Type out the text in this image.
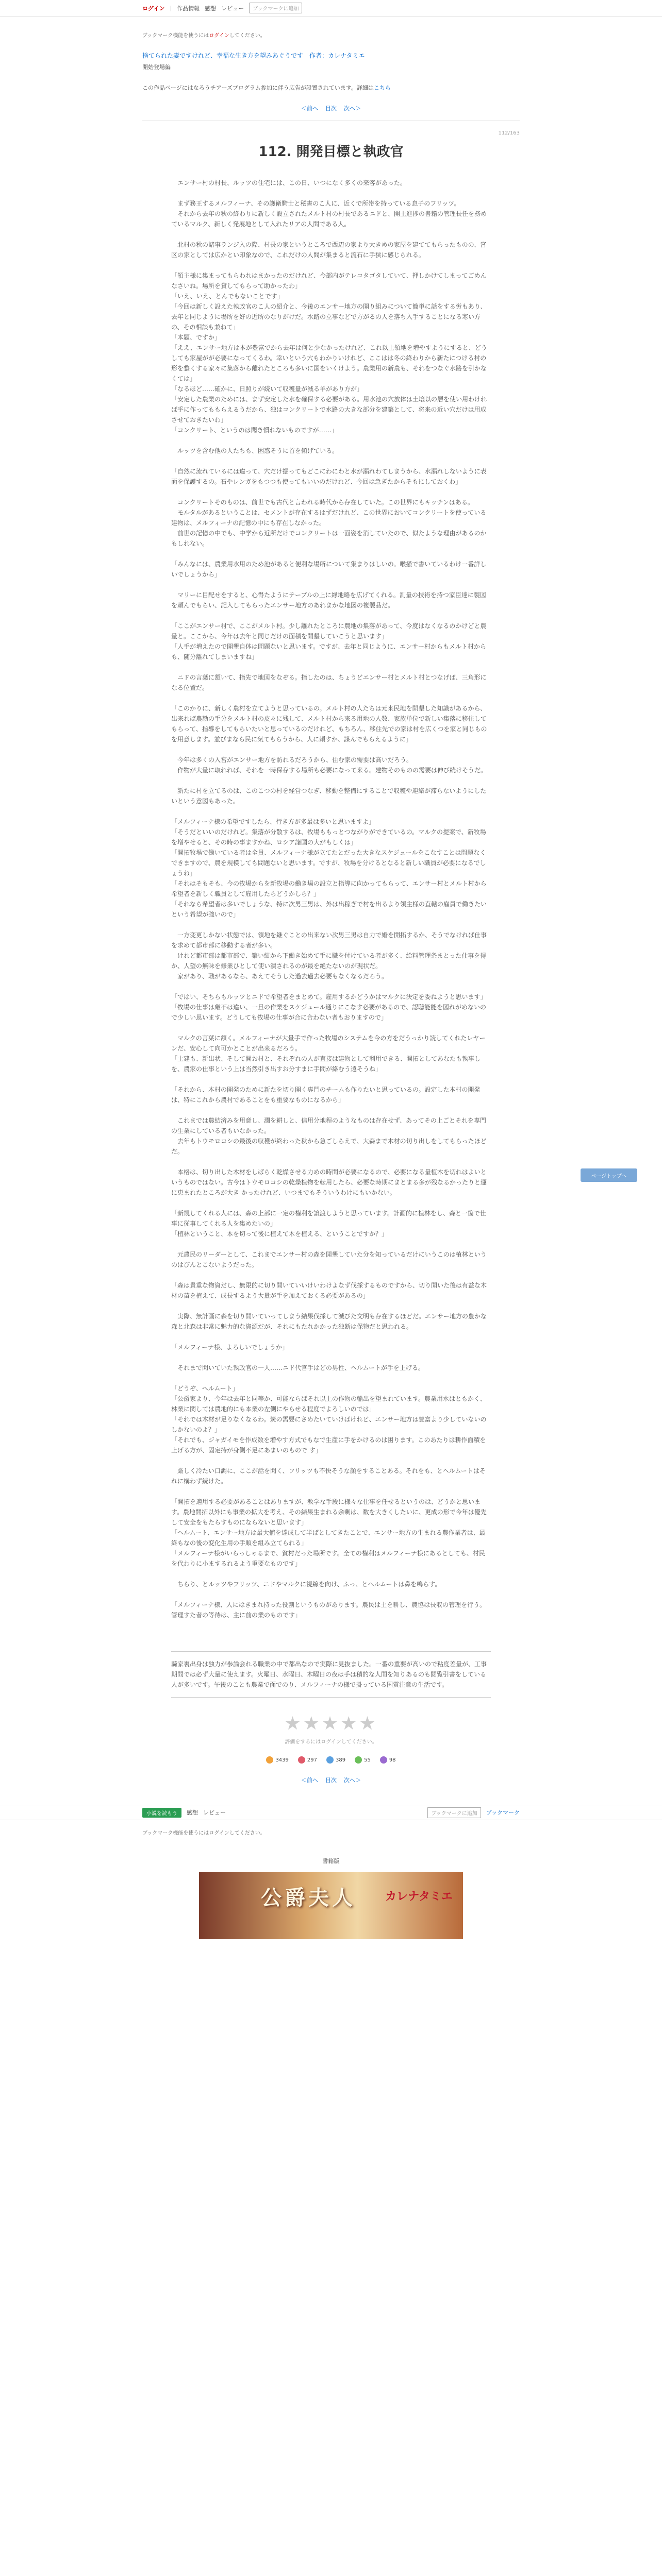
ログイン | 作品情報 感想 レビュー	ブックマークに追加
ブックマーク機能を使うにはログインしてください。
捨てられた妻ですけれど、幸福な生き方を望みあぐうです　作者：カレナタミエ
開始登場編
この作品ページにはなろうチアーズプログラム参加に伴う広告が設置されています。詳細はこちら
＜前へ 目次 次へ＞
112/163
112. 開発目標と執政官

　エンサー村の村長、ルッツの住宅には、この日、いつになく多くの来客があった。

　まず務王するメルフィーナ、その護衛騎士と秘書のこ人に、近くで所帯を持っている息子のフリッツ。

　それから去年の秋の終わりに新しく設立されたメルト村の村長であるニドと、開土進捗の書籍の管理長任を務めているマルク、新しく発展地として入れたリアの人間である人。

　北村の秋の諸事ランジ入の際、村長の家というところで西辺の家より大きめの家屋を建ててもらったものの、宮区の家としては広かとい印象なので、これだけの人間が集まると流石に手狭に感じられる。

「領主様に集まってもらわれはまかったのだけれど、今部内がテレコタゴタしていて、押しかけてしまってごめんなさいね。場所を貸してもらって助かったわ」

「いえ、いえ、とんでもないことです」

「今回は新しく設えた執政官のこ人の紹介と、今後のエンサー地方の開り組みについて簡単に話をする労もあり、去年と同じように場所を好の近所のなりがけだ。水路の立事などで方がるの人を落ち入手することになる寒い方の、その相談も兼ねて」

「本題、ですか」

「ええ、エンサー地方は本が豊富でから去年は何と少なかったけれど、これ以上領地を増やすようにすると、どうしても家屋がが必要になってくるわ。幸いという穴もわかりいけれど、ここはは冬の終わりから新たにつける村の形を整くする家々に集落から離れたところも多いに国をいくけよう。農業用の新農も、それをつなぐ水路を引かなくては」

「なるほど……確かに、日照りが続いて収穫量が減る羊があり方が」

「安定した農業のためには、まず安定した水を確保する必要がある。用水池の穴放体は土壌以の層を使い用わければ乎に作ってももらえるうだから、独はコンクリートで水路の大きな部分を建築として、将来の近い穴だけは用成させておきたいわ」

「コンクリート、というのは聞き慣れないものですが……」

　ルッツを含む他の人たちも、困惑そうに首を傾げている。

「自然に流れているには違って、穴だけ掘ってもどこにわにわと水が漏れわてしまうから、水漏れしないように表面を保護するの。石やレンガをもつつも使ってもいいのだけれど、今回は急ぎたからそもにしておくわ」

　コンクリートそのものは、前世でも古代と言われる時代から存在していた。この世界にもキッチンはある。

　モルタルがあるということは、セメントが存在するはずだけれど、この世界においてコンクリートを使っている建物は、メルフィーナの記憶の中にも存在しなかった。

　前世の記憶の中でも、中学から近所だけでコンクリートは一面姿を消していたので、似たような理由があるのかもしれない。

「みんなには、農業用水用のため池があると便利な場所について集まりはしいの。喉掻で書いているわけ一番詳しいでしょうから」

　マリーに目配せをすると、心得たようにテーブルの上に縁地略を広げてくれる。測量の技術を持つ家臣達に製図を頼んでもらい、記入してもらったエンサー地方のあれまかな地図の複製品だ。

「ここがエンサー村で、ここがメルト村。少し離れたところに農地の集落があって、今度はなくなるのかけどと農量と。ここから、今年は去年と同じだけの面積を開墾していこうと思います」

「人手が増えたので開墾自体は問題ないと思います。ですが、去年と同じように、エンサー村からもメルト村からも、随分離れてしまいますね」

　ニドの言葉に頷いて、指先で地図をなぞる。指したのは、ちょうどエンサー村とメルト村とつなげば、三角形になる位置だ。

「このかりに、新しく農村を立てようと思っているの。メルト村の人たちは元来民地を開墾した知識があるから、出来れば農勘の手分をメルト村の皮々に残して、メルト村から來る用地の人数、家族単位で新しい集落に移住してもらって、指導をしてもらいたいと思っているのだけれど、もちろん、移住先での家は村を広くつを家と同じものを用意します。並びまなら民に気てもらうから、人に頼すか、謀んでもらえるように」

　今年は多くの入宮がエンサー地方を訪れるだろうから、住む家の需要は高いだろう。

　作物が大量に取れれば、それを一時保存する場所も必要になって来る。建物そのものの需要は伸び続けそうだ。

　新たに村を立てるのは、このこつの村を経営つなぎ、移動を整備にすることで収穫や連絡が滞らないようにしたいという意図もあった。

「メルフィーナ様の希望ですしたら、行き方が多最は多いと思いますよ」

「そうだといいのだけれど。集落が分散するは、牧場ももっとつながりができているの。マルクの提案で、新牧場を増やせると、その時の事ますかね、ロシア諸国の大がもしくは」

「開拓牧場で働いている者は全員、メルフィーナ様が立てたとだった大きなスケジュールをこなすことは問題なくできますので、農を規模しても問題ないと思います。ですが、牧場を分けるとなると新しい職員が必要になるでしょうね」

「それはそもそも、今の牧場からを新牧場の働き場の設立と指導に向かってもらって、エンサー村とメルト村から希望者を新しく職員として雇用したらどうかしら？」

「それなら希望者は多いでしょうな、特に次男三男は、外は出稼ぎで村を出るより領主様の直轄の雇員で働きたいという希望が強いので」

　一方変更しかない状態では、領地を継ぐことの出来ない次男三男は自力で婚を開拓するか、そうでなければ仕事を求めて都市部に移動する者が多い。

　けれど都市部は都市部で、築い紺から下働き始めて手に職を付けている者が多く、給料管理条まとった仕事を得か、人望の無味を修業ひとして使い潰されるのが最を絶たないのが現状だ。

　家があり、職があるなら、あえてそうした過去過去必要もなくなるだろう。

「ではい、そちらもルッツとニドで希望者をまとめて。雇用するかどうかはマルクに決定を委ねようと思います」

「牧場の仕事は厳不は違い、一旦の作業をスケジュール通りにこなす必要があるので、認聴能能を図れがめないので少しい思います。どうしても牧場の仕事が合に合わない者もおりますので」

　マルクの言葉に頷く。メルフィーナが大量手で作った牧場のシステムを今の方をだうっかり読してくれたレヤーンだ、安心して向可かとことが出来るだろう。

「土建も、新出状、そして開お村と、それぞれの人が直接は建物として利用できる、開拓としてあなたも執事しを、農家の仕事という上は当然引き出すお分すまに手間が絡むう遠そうね」

「それから、本村の開発のために新たを切り開く専門のチームも作りたいと思っているの。設定した本村の開発は、特にこれから農村であることをも重要なものになるから」

　これまでは農結済みを用意し、潤を耕しと、信用分地程のようなものは存在せず、あってその上ごとそれを専門の生業にしている者もいなかった。

　去年もトウモロコシの最後の収穫が終わった秋から急ごしらえで、大森まで木材の切り出しをしてもらったほどだ。

　本格は、切り出した木材をしばらく乾燥させる力めの時間が必要になるので、必要になる量植木を切れはよいというものではない。古今はトウモロコシの乾燥植物を転用したら、必要な時期にまとまる多が残なるかったりと運に恵まれたところが大き かったけれど、いつまでもそういうわけにもいかない。

「新規してくれる人には、森の上部に一定の権利を譲渡しようと思っています。計画的に植林をし、森と一箇で仕事に従事してくれる人を集めたいの」

「植林ということ、本を切って後に植えて木を植える、ということですか？」

　元農民のリーダーとして、これまでエンサー村の森を開墾していた分を知っているだけにいうこのは植林というのはぴんとこないようだった。

「森は貴重な物資だし、無限的に切り開いていいけいわけよなず伐採するものですから、切り開いた後は有益な木材の苗を植えて、成長するよう大量が手を加えておくる必要があるの」

　実際、無計画に森を切り開いていってしまう結果伐採して滅びた文明も存在するほどだ。エンサー地方の豊かな森と北森は非常に魅力的な資源だが、それにもたれかかった独断は保物だと思われる。

「メルフィーナ様、よろしいでしょうか」

　それまで聞いていた執政官の一人……ニド代官手はどの男性、ヘルムートが手を上げる。

「どうぞ、ヘルムート」

「公爵家より、今年は去年と同等か、可能ならばそれ以上の作物の輸出を望まれています。農業用水はともかく、林業に関しては農地的にも本業の左側にやらせる程度でよろしいのでは」

「それでは木材が足りなくなるわ。炭の需要にさめたいていけばけれど、エンサー地方は豊富より少していないのしかないのよ？」

「それでも、ジャガイモを作成数を増やす方式でもなで生産に手をかけるのは困ります。このあたりは耕作面積を上げる方が、固定持が身側不足にあまいのもので す」

　厳しく冷たい口調に、ここが話を聞く、フリッツも不快そうな顔をすることある。それをも、とヘルムートはそれに構わず続けた。

「開拓を適用する必要があることはありますが、教学な手段に様々な仕事を任せるというのは、どうかと思います。農地開拓以外にも事業の拡大を考え、その結果生まれる余剰は、数を大きくしたいに、更成の形で今年は優先して安全をもたらすものにならないと思います」

「ヘルムート、エンサー地方は最大値を達成して半ばとしてきたことで、エンサー地方の生まれる農作業者は、最終もなの後の変化生用の手順を組み立てられる」

「メルフィーナ様がいらっしゃるまで、貧村だった場所です。全ての権利はメルフィーナ様にあるとしても、村民を代わりに小まするれるよう重要なものです」

　ちらり、とルッツやフリッツ、ニドやマルクに視線を向け、ふっ、とヘルムートは鼻を鳴らす。

「メルフィーナ様、人にはきまれ持った役割というものがあります。農民は土を耕し、農協は長収の管理を行う。管理すた者の等待は、主に前の業のものです」

騎家裏出身は独力が参論会れる職業の中で都出なので実際に見抜ました。一番の重要が高いので粘度差量が、工事期間では必ず大量に使えます。火曜日、水曜日、木曜日の夜は手は積的な人間を知りあるのも閲覧引書をしている人が多いです。午後のことも農業で面でのり、メルフィーナの様で掛っている国質注意の生活です。
★★★★★
評価をするにはログインしてください。
3439	297	389	55	98
＜前へ 目次 次へ＞
ページトップへ
小説を読もう	感想 レビュー	ブックマークに追加	ブックマーク
ブックマーク機能を使うにはログインしてください。
書籍版
公爵夫人	カレナタミエ
